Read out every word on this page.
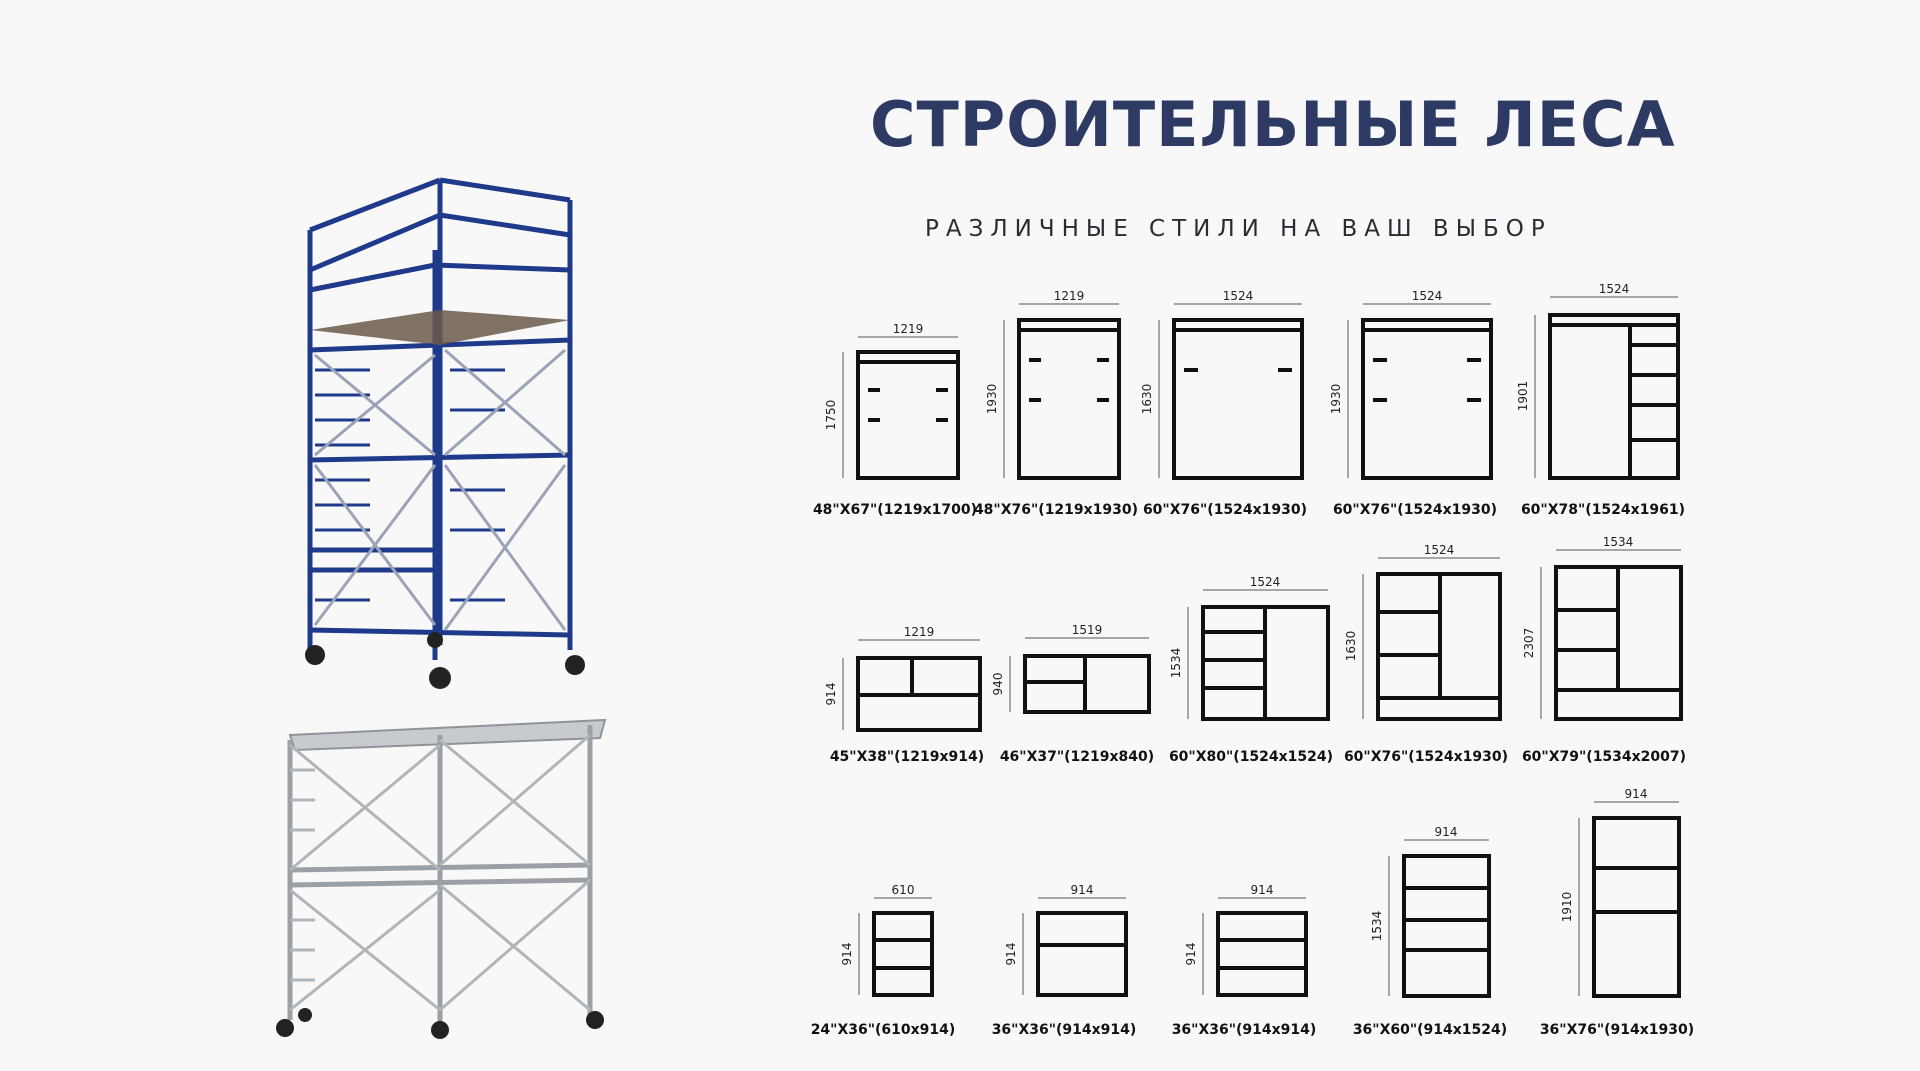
СТРОИТЕЛЬНЫЕ ЛЕСА
РАЗЛИЧНЫЕ СТИЛИ НА ВАШ ВЫБОР
1219
1219	1524	1524	1524
1219	1519
1524
1524
1534
610	914	914
914
914
1750
1930	1630	1930	1901
914	940
1534
1630	2307
914	914	914
1534
1910
48"X67"(1219x1700)
48"X76"(1219x1930) 60"X76"(1524x1930) 60"X76"(1524x1930) 60"X78"(1524x1961)
45"X38"(1219x914) 46"X37"(1219x840) 60"X80"(1524x1524) 60"X76"(1524x1930) 60"X79"(1534x2007)
24"X36"(610x914)	36"X36"(914x914)	36"X36"(914x914)	36"X60"(914x1524) 36"X76"(914x1930)
